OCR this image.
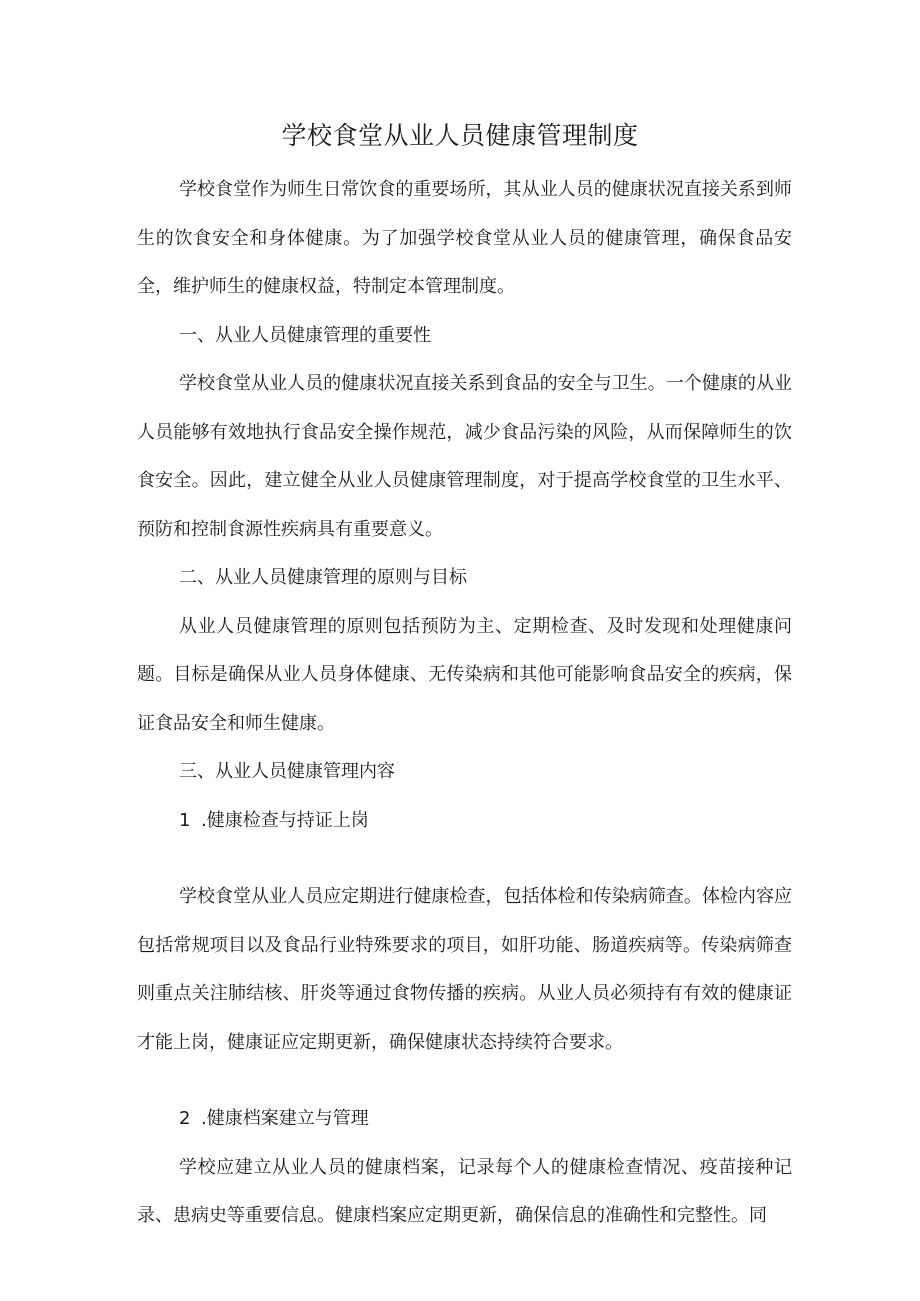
学校食堂从业人员健康管理制度

学校食堂作为师生日常饮食的重要场所，其从业人员的健康状况直接关系到师生的饮食安全和身体健康。为了加强学校食堂从业人员的健康管理，确保食品安全，维护师生的健康权益，特制定本管理制度。

一、从业人员健康管理的重要性

学校食堂从业人员的健康状况直接关系到食品的安全与卫生。一个健康的从业人员能够有效地执行食品安全操作规范，减少食品污染的风险，从而保障师生的饮食安全。因此，建立健全从业人员健康管理制度，对于提高学校食堂的卫生水平、预防和控制食源性疾病具有重要意义。

二、从业人员健康管理的原则与目标

从业人员健康管理的原则包括预防为主、定期检查、及时发现和处理健康问题。目标是确保从业人员身体健康、无传染病和其他可能影响食品安全的疾病，保证食品安全和师生健康。

三、从业人员健康管理内容

1 .健康检查与持证上岗

学校食堂从业人员应定期进行健康检查，包括体检和传染病筛查。体检内容应包括常规项目以及食品行业特殊要求的项目，如肝功能、肠道疾病等。传染病筛查则重点关注肺结核、肝炎等通过食物传播的疾病。从业人员必须持有有效的健康证才能上岗，健康证应定期更新，确保健康状态持续符合要求。

2 .健康档案建立与管理

学校应建立从业人员的健康档案，记录每个人的健康检查情况、疫苗接种记录、患病史等重要信息。健康档案应定期更新，确保信息的准确性和完整性。同
